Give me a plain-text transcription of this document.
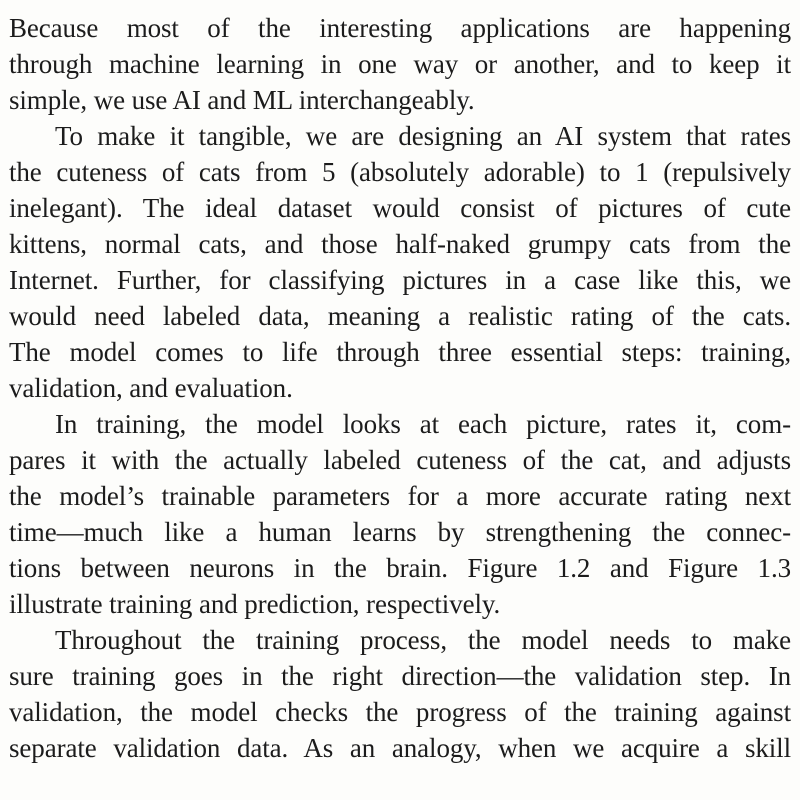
Because most of the interesting applications are happening
through machine learning in one way or another, and to keep it
simple, we use AI and ML interchangeably.
To make it tangible, we are designing an AI system that rates
the cuteness of cats from 5 (absolutely adorable) to 1 (repulsively
inelegant). The ideal dataset would consist of pictures of cute
kittens, normal cats, and those half-naked grumpy cats from the
Internet. Further, for classifying pictures in a case like this, we
would need labeled data, meaning a realistic rating of the cats.
The model comes to life through three essential steps: training,
validation, and evaluation.
In training, the model looks at each picture, rates it, com-
pares it with the actually labeled cuteness of the cat, and adjusts
the model’s trainable parameters for a more accurate rating next
time—much like a human learns by strengthening the connec-
tions between neurons in the brain. Figure 1.2 and Figure 1.3
illustrate training and prediction, respectively.
Throughout the training process, the model needs to make
sure training goes in the right direction—the validation step. In
validation, the model checks the progress of the training against
separate validation data. As an analogy, when we acquire a skill
